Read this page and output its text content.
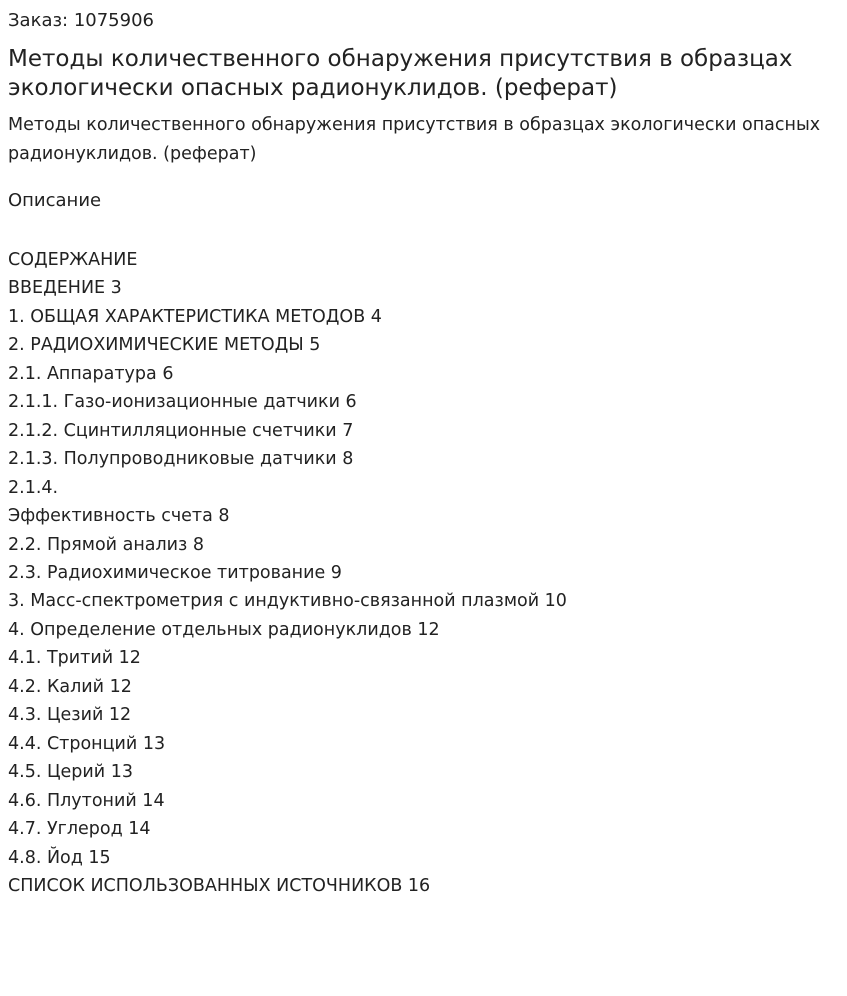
Заказ: 1075906

Методы количественного обнаружения присутствия в образцах экологически опасных радионуклидов. (реферат)

Методы количественного обнаружения присутствия в образцах экологически опасных радионуклидов. (реферат)

Описание

СОДЕРЖАНИЕ
ВВЕДЕНИЕ 3
1. ОБЩАЯ ХАРАКТЕРИСТИКА МЕТОДОВ 4
2. РАДИОХИМИЧЕСКИЕ МЕТОДЫ 5
2.1. Аппаратура 6
2.1.1. Газо-ионизационные датчики 6
2.1.2. Сцинтилляционные счетчики 7
2.1.3. Полупроводниковые датчики 8
2.1.4.
Эффективность счета 8
2.2. Прямой анализ 8
2.3. Радиохимическое титрование 9
3. Масс-спектрометрия с индуктивно-связанной плазмой 10
4. Определение отдельных радионуклидов 12
4.1. Тритий 12
4.2. Калий 12
4.3. Цезий 12
4.4. Стронций 13
4.5. Церий 13
4.6. Плутоний 14
4.7. Углерод 14
4.8. Йод 15
СПИСОК ИСПОЛЬЗОВАННЫХ ИСТОЧНИКОВ 16
